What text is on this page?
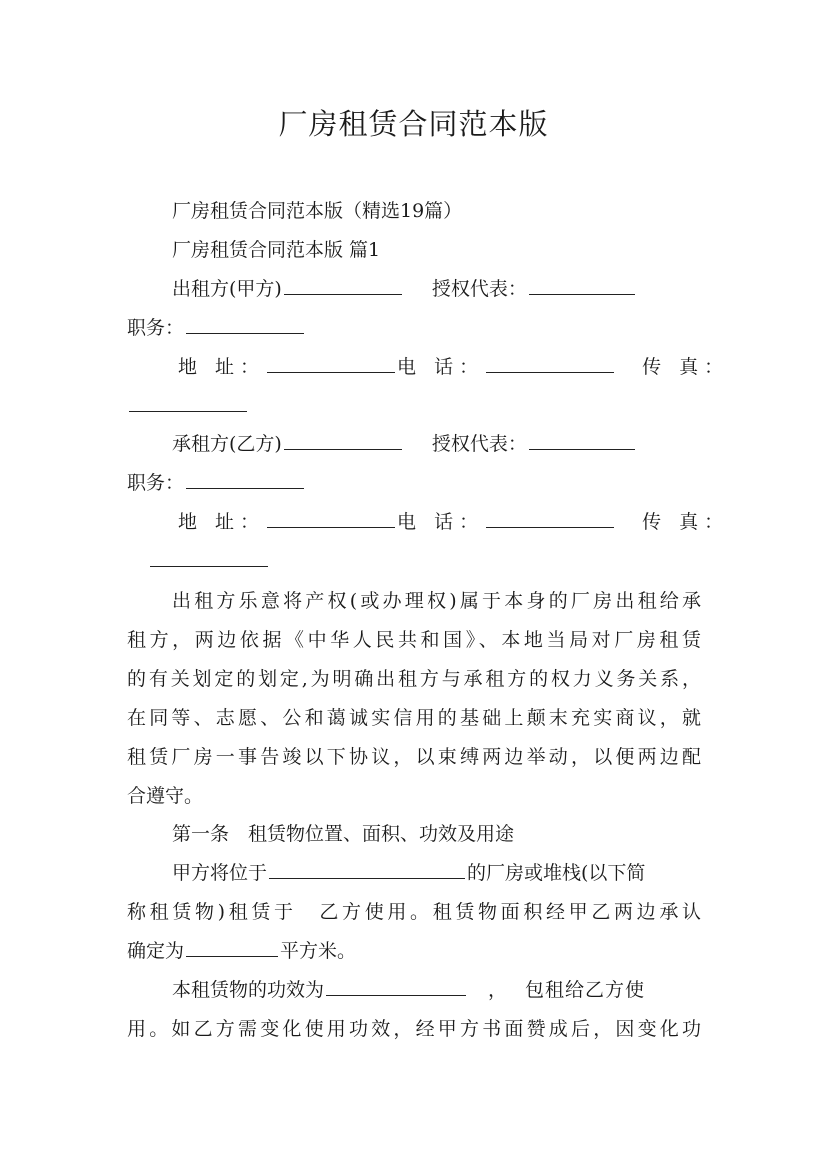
厂房租赁合同范本版
厂房租赁合同范本版（精选19篇）
厂房租赁合同范本版 篇1
出租方(甲方)	授权代表：
职务：
地 址：	电 话：	传 真：
承租方(乙方)	授权代表：
职务：
地 址：	电 话：	传 真：
出租方乐意将产权(或办理权)属于本身的厂房出租给承
租方，两边依据《中华人民共和国》、本地当局对厂房租赁
的有关划定的划定,为明确出租方与承租方的权力义务关系，
在同等、志愿、公和蔼诚实信用的基础上颠末充实商议，就
租赁厂房一事告竣以下协议，以束缚两边举动，以便两边配
合遵守。
第一条　租赁物位置、面积、功效及用途
甲方将位于	的厂房或堆栈(以下简
称租赁物)租赁于　乙方使用。租赁物面积经甲乙两边承认
确定为	平方米。
本租赁物的功效为	， 包租给乙方使
用。如乙方需变化使用功效，经甲方书面赞成后，因变化功
